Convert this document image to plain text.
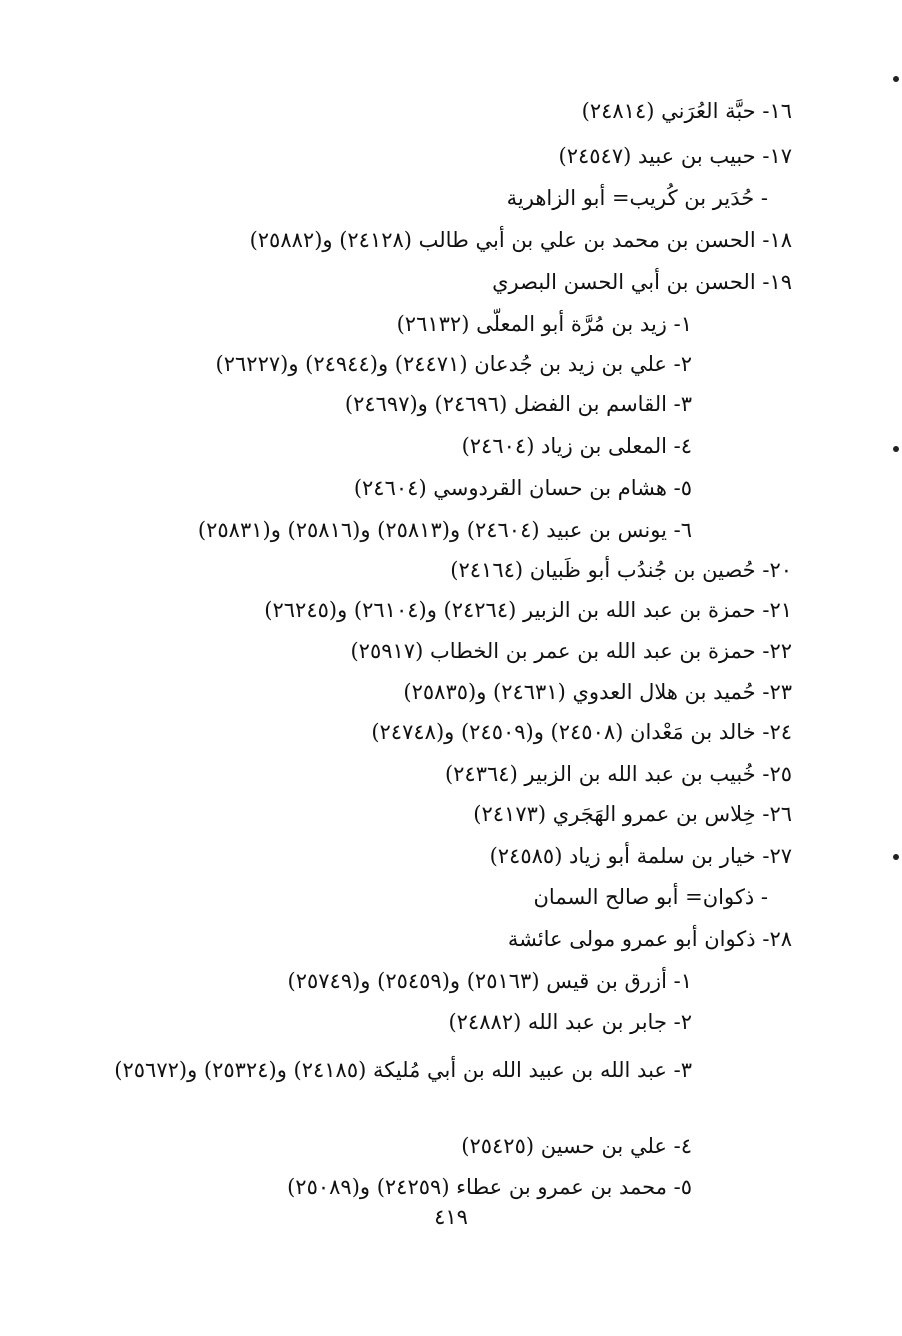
١٦- حبَّة العُرَني (٢٤٨١٤)
١٧- حبيب بن عبيد (٢٤٥٤٧)
- حُدَير بن كُريب= أبو الزاهرية
١٨- الحسن بن محمد بن علي بن أبي طالب (٢٤١٢٨) و(٢٥٨٨٢)
١٩- الحسن بن أبي الحسن البصري
١- زيد بن مُرَّة أبو المعلّى (٢٦١٣٢)
٢- علي بن زيد بن جُدعان (٢٤٤٧١) و(٢٤٩٤٤) و(٢٦٢٢٧)
٣- القاسم بن الفضل (٢٤٦٩٦) و(٢٤٦٩٧)
٤- المعلى بن زياد (٢٤٦٠٤)
٥- هشام بن حسان القردوسي (٢٤٦٠٤)
٦- يونس بن عبيد (٢٤٦٠٤) و(٢٥٨١٣) و(٢٥٨١٦) و(٢٥٨٣١)
٢٠- حُصين بن جُندُب أبو ظَبيان (٢٤١٦٤)
٢١- حمزة بن عبد الله بن الزبير (٢٤٢٦٤) و(٢٦١٠٤) و(٢٦٢٤٥)
٢٢- حمزة بن عبد الله بن عمر بن الخطاب (٢٥٩١٧)
٢٣- حُميد بن هلال العدوي (٢٤٦٣١) و(٢٥٨٣٥)
٢٤- خالد بن مَعْدان (٢٤٥٠٨) و(٢٤٥٠٩) و(٢٤٧٤٨)
٢٥- خُبيب بن عبد الله بن الزبير (٢٤٣٦٤)
٢٦- خِلاس بن عمرو الهَجَري (٢٤١٧٣)
٢٧- خيار بن سلمة أبو زياد (٢٤٥٨٥)
- ذكوان= أبو صالح السمان
٢٨- ذكوان أبو عمرو مولى عائشة
١- أزرق بن قيس (٢٥١٦٣) و(٢٥٤٥٩) و(٢٥٧٤٩)
٢- جابر بن عبد الله (٢٤٨٨٢)
٣- عبد الله بن عبيد الله بن أبي مُليكة (٢٤١٨٥) و(٢٥٣٢٤) و(٢٥٦٧٢)
٤- علي بن حسين (٢٥٤٢٥)
٥- محمد بن عمرو بن عطاء (٢٤٢٥٩) و(٢٥٠٨٩)
٤١٩
